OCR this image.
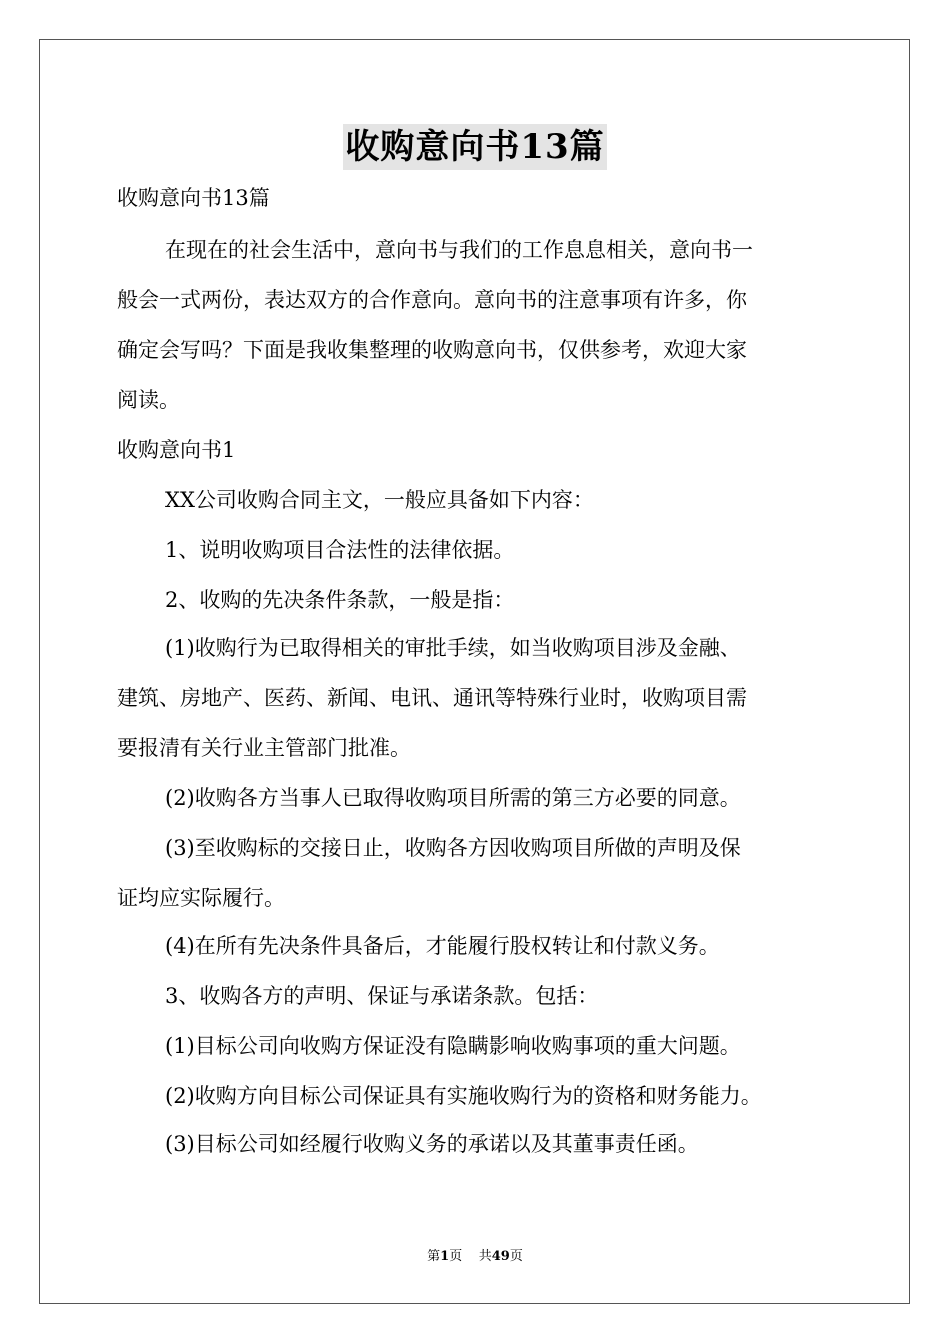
收购意向书13篇
收购意向书13篇
在现在的社会生活中，意向书与我们的工作息息相关，意向书一
般会一式两份，表达双方的合作意向。意向书的注意事项有许多，你
确定会写吗？下面是我收集整理的收购意向书，仅供参考，欢迎大家
阅读。
收购意向书1
XX公司收购合同主文，一般应具备如下内容：
1、说明收购项目合法性的法律依据。
2、收购的先决条件条款，一般是指：
(1)收购行为已取得相关的审批手续，如当收购项目涉及金融、
建筑、房地产、医药、新闻、电讯、通讯等特殊行业时，收购项目需
要报清有关行业主管部门批准。
(2)收购各方当事人已取得收购项目所需的第三方必要的同意。
(3)至收购标的交接日止，收购各方因收购项目所做的声明及保
证均应实际履行。
(4)在所有先决条件具备后，才能履行股权转让和付款义务。
3、收购各方的声明、保证与承诺条款。包括：
(1)目标公司向收购方保证没有隐瞒影响收购事项的重大问题。
(2)收购方向目标公司保证具有实施收购行为的资格和财务能力。
(3)目标公司如经履行收购义务的承诺以及其董事责任函。
第1页 共49页
